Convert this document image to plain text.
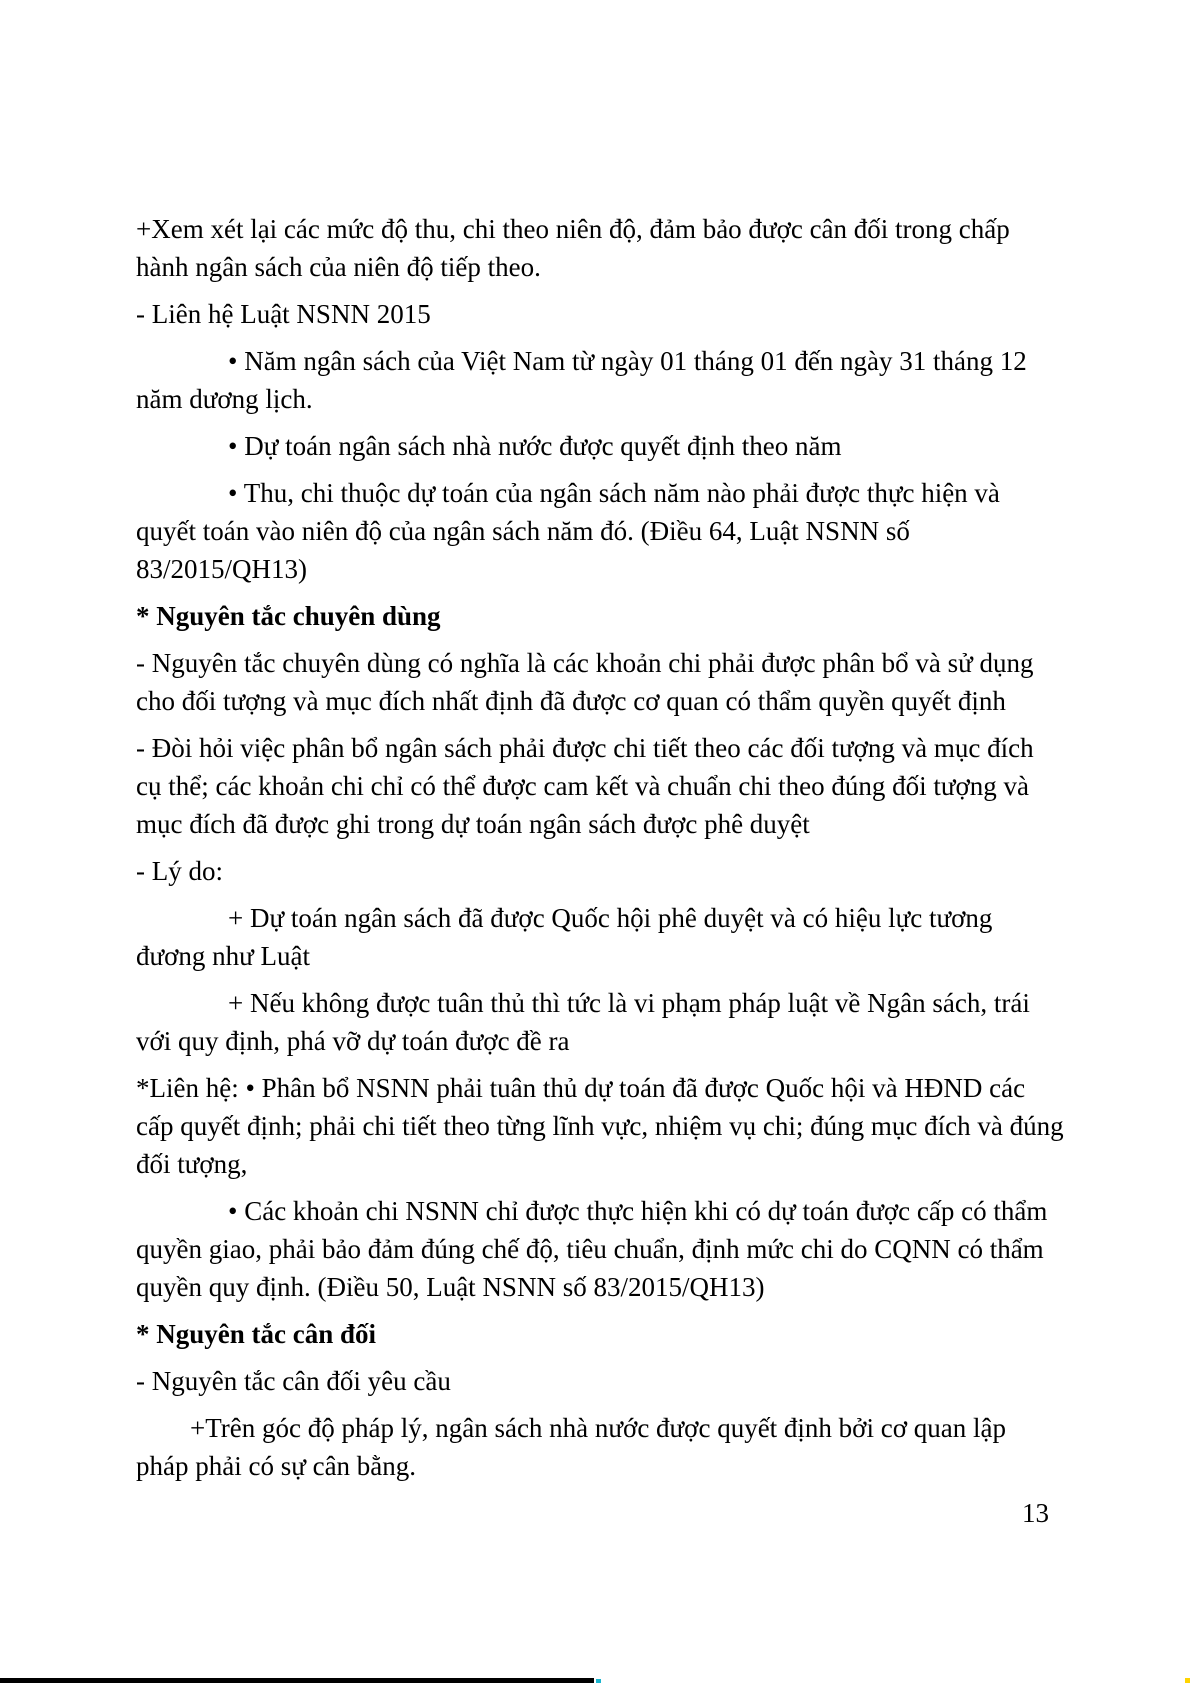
+Xem xét lại các mức độ thu, chi theo niên độ, đảm bảo được cân đối trong chấp hành ngân sách của niên độ tiếp theo.

- Liên hệ Luật NSNN 2015

• Năm ngân sách của Việt Nam từ ngày 01 tháng 01 đến ngày 31 tháng 12 năm dương lịch.

• Dự toán ngân sách nhà nước được quyết định theo năm

• Thu, chi thuộc dự toán của ngân sách năm nào phải được thực hiện và quyết toán vào niên độ của ngân sách năm đó. (Điều 64, Luật NSNN số 83/2015/QH13)

* Nguyên tắc chuyên dùng

- Nguyên tắc chuyên dùng có nghĩa là các khoản chi phải được phân bổ và sử dụng cho đối tượng và mục đích nhất định đã được cơ quan có thẩm quyền quyết định

- Đòi hỏi việc phân bổ ngân sách phải được chi tiết theo các đối tượng và mục đích cụ thể; các khoản chi chỉ có thể được cam kết và chuẩn chi theo đúng đối tượng và mục đích đã được ghi trong dự toán ngân sách được phê duyệt

- Lý do:

+ Dự toán ngân sách đã được Quốc hội phê duyệt và có hiệu lực tương đương như Luật

+ Nếu không được tuân thủ thì tức là vi phạm pháp luật về Ngân sách, trái với quy định, phá vỡ dự toán được đề ra

*Liên hệ: • Phân bổ NSNN phải tuân thủ dự toán đã được Quốc hội và HĐND các cấp quyết định; phải chi tiết theo từng lĩnh vực, nhiệm vụ chi; đúng mục đích và đúng đối tượng,

• Các khoản chi NSNN chỉ được thực hiện khi có dự toán được cấp có thẩm quyền giao, phải bảo đảm đúng chế độ, tiêu chuẩn, định mức chi do CQNN có thẩm quyền quy định. (Điều 50, Luật NSNN số 83/2015/QH13)

* Nguyên tắc cân đối

- Nguyên tắc cân đối yêu cầu

+Trên góc độ pháp lý, ngân sách nhà nước được quyết định bởi cơ quan lập pháp phải có sự cân bằng.

13
